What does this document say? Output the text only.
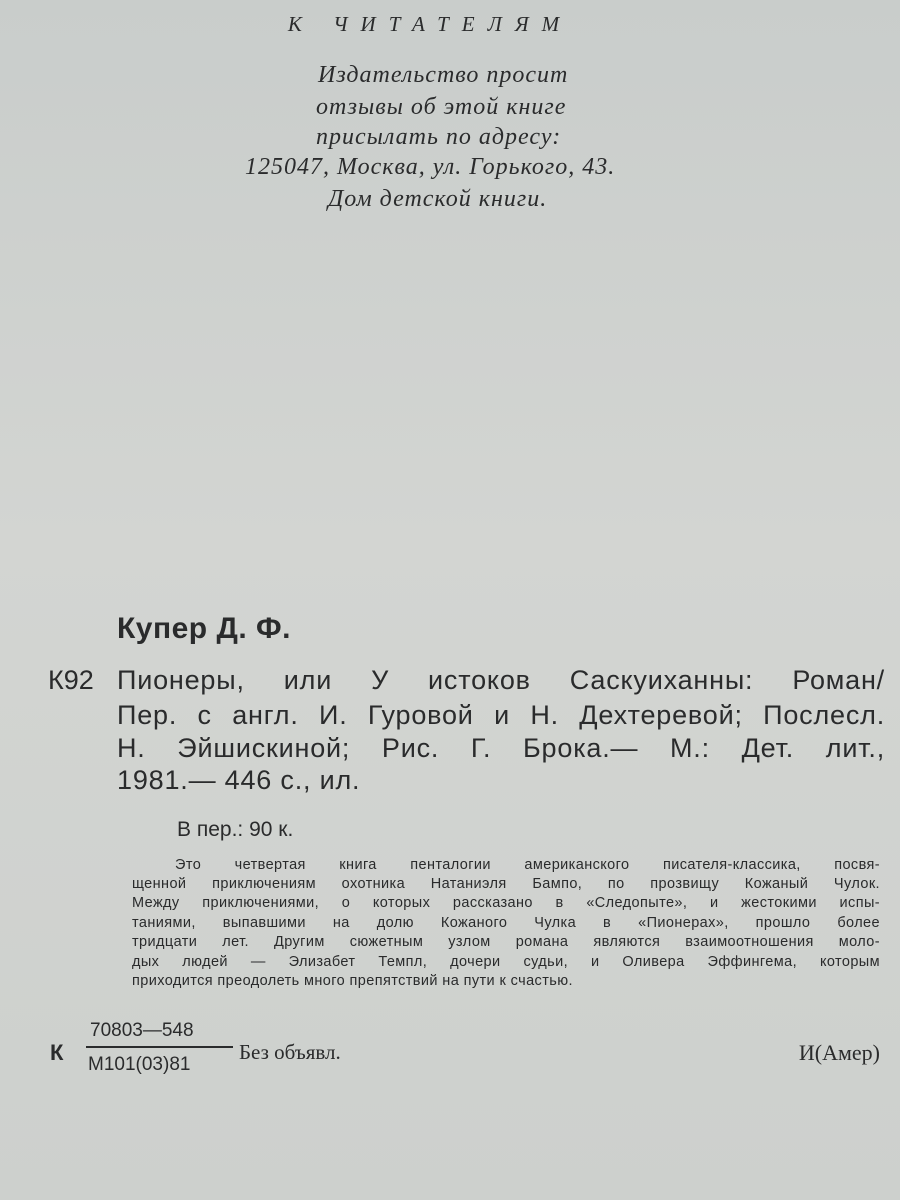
К ЧИТАТЕЛЯМ
Издательство просит
отзывы об этой книге
присылать по адресу:
125047, Москва, ул. Горького, 43.
Дом детской книги.
Купер Д. Ф.
К92 Пионеры, или У истоков Саскуиханны: Роман/
Пер. с англ. И. Гуровой и Н. Дехтеревой; Послесл.
Н. Эйшискиной; Рис. Г. Брока.— М.: Дет. лит.,
1981.— 446 с., ил.
В пер.: 90 к.
Это четвертая книга пенталогии американского писателя-классика, посвя-
щенной приключениям охотника Натаниэля Бампо, по прозвищу Кожаный Чулок.
Между приключениями, о которых рассказано в «Следопыте», и жестокими испы-
таниями, выпавшими на долю Кожаного Чулка в «Пионерах», прошло более
тридцати лет. Другим сюжетным узлом романа являются взаимоотношения моло-
дых людей — Элизабет Темпл, дочери судьи, и Оливера Эффингема, которым
приходится преодолеть много препятствий на пути к счастью.
К
70803—548
М101(03)81
Без объявл.	И(Амер)
